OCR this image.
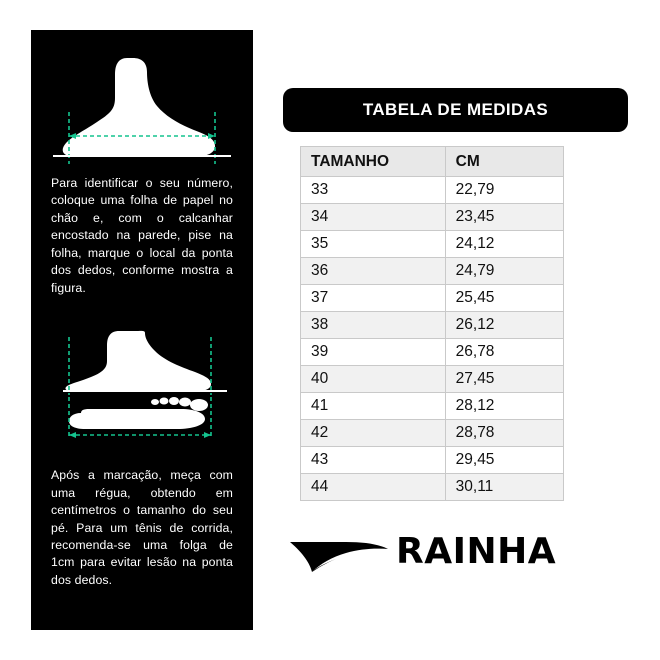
Para identificar o seu número, coloque uma folha de papel no chão e, com o calcanhar encostado na parede, pise na folha, marque o local da ponta dos dedos, conforme mostra a figura.
Após a marcação, meça com uma régua, obtendo em centímetros o tamanho do seu pé. Para um tênis de corrida, recomenda-se uma folga de 1cm para evitar lesão na ponta dos dedos.
TABELA DE MEDIDAS
TAMANHO	CM
33	22,79
34	23,45
35	24,12
36	24,79
37	25,45
38	26,12
39	26,78
40	27,45
41	28,12
42	28,78
43	29,45
44	30,11
RAINHA
